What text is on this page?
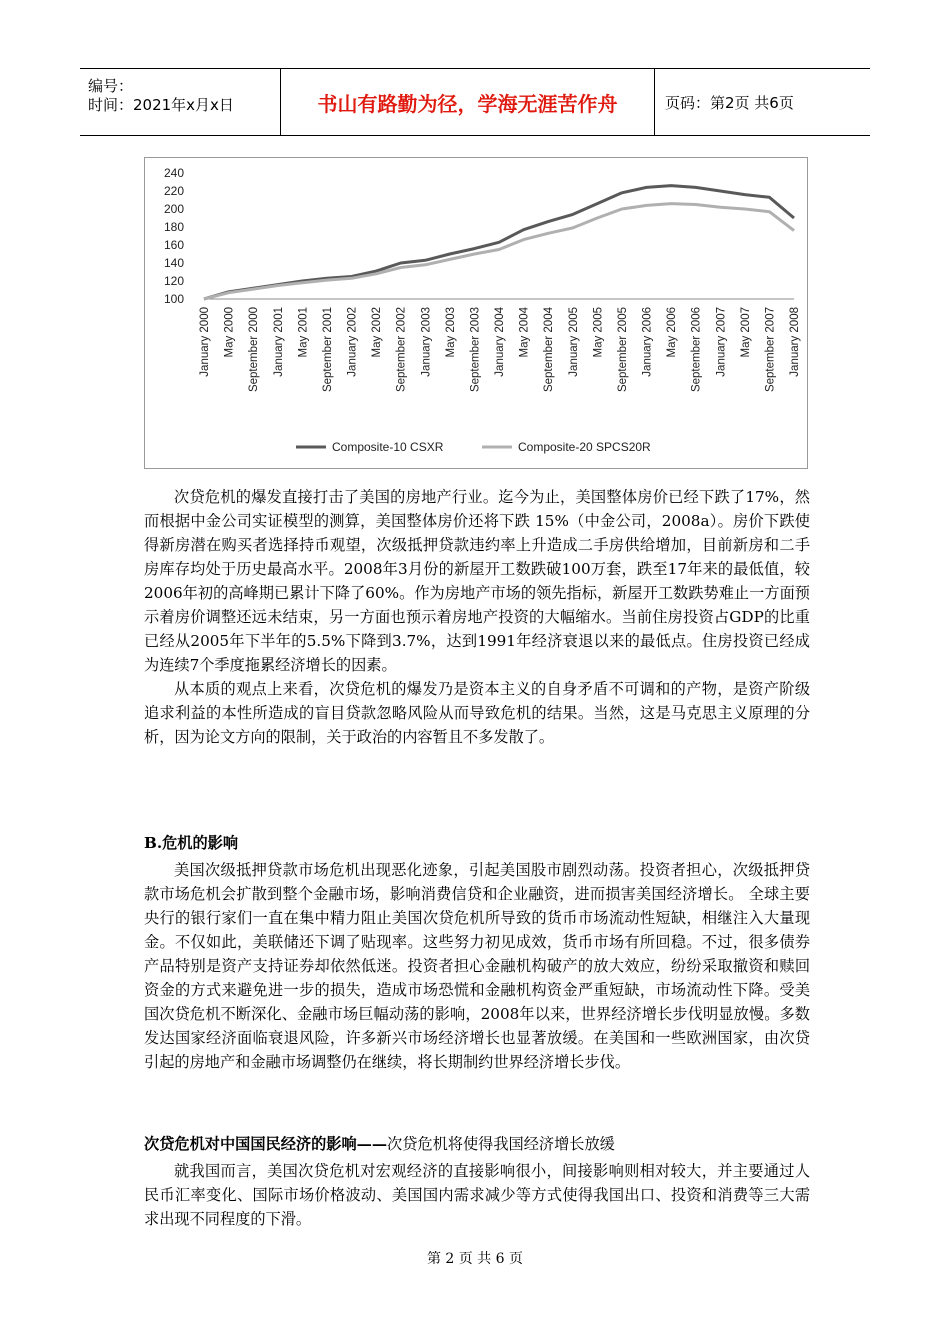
编号：
时间：2021年x月x日	书山有路勤为径，学海无涯苦作舟	页码：第2页 共6页
100
120
140
160
180
200
220
240
January 2000 May 2000 September 2000 January 2001 May 2001 September 2001 January 2002 May 2002 September 2002 January 2003 May 2003 September 2003 January 2004 May 2004 September 2004 January 2005 May 2005 September 2005 January 2006 May 2006 September 2006 January 2007 May 2007 September 2007 January 2008
Composite-10 CSXR	Composite-20 SPCS20R

次贷危机的爆发直接打击了美国的房地产行业。迄今为止，美国整体房价已经下跌了17%，然而根据中金公司实证模型的测算，美国整体房价还将下跌 15%（中金公司，2008a）。房价下跌使得新房潜在购买者选择持币观望，次级抵押贷款违约率上升造成二手房供给增加，目前新房和二手房库存均处于历史最高水平。2008年3月份的新屋开工数跌破100万套，跌至17年来的最低值，较2006年初的高峰期已累计下降了60%。作为房地产市场的领先指标，新屋开工数跌势难止一方面预示着房价调整还远未结束，另一方面也预示着房地产投资的大幅缩水。当前住房投资占GDP的比重已经从2005年下半年的5.5%下降到3.7%，达到1991年经济衰退以来的最低点。住房投资已经成为连续7个季度拖累经济增长的因素。

从本质的观点上来看，次贷危机的爆发乃是资本主义的自身矛盾不可调和的产物，是资产阶级追求利益的本性所造成的盲目贷款忽略风险从而导致危机的结果。当然，这是马克思主义原理的分析，因为论文方向的限制，关于政治的内容暂且不多发散了。

B.危机的影响

美国次级抵押贷款市场危机出现恶化迹象，引起美国股市剧烈动荡。投资者担心，次级抵押贷款市场危机会扩散到整个金融市场，影响消费信贷和企业融资，进而损害美国经济增长。 全球主要央行的银行家们一直在集中精力阻止美国次贷危机所导致的货币市场流动性短缺，相继注入大量现金。不仅如此，美联储还下调了贴现率。这些努力初见成效，货币市场有所回稳。不过，很多债券产品特别是资产支持证券却依然低迷。投资者担心金融机构破产的放大效应，纷纷采取撤资和赎回资金的方式来避免进一步的损失，造成市场恐慌和金融机构资金严重短缺，市场流动性下降。受美国次贷危机不断深化、金融市场巨幅动荡的影响，2008年以来，世界经济增长步伐明显放慢。多数发达国家经济面临衰退风险，许多新兴市场经济增长也显著放缓。在美国和一些欧洲国家，由次贷引起的房地产和金融市场调整仍在继续，将长期制约世界经济增长步伐。

次贷危机对中国国民经济的影响——次贷危机将使得我国经济增长放缓

就我国而言，美国次贷危机对宏观经济的直接影响很小，间接影响则相对较大，并主要通过人民币汇率变化、国际市场价格波动、美国国内需求减少等方式使得我国出口、投资和消费等三大需求出现不同程度的下滑。

第 2 页 共 6 页
